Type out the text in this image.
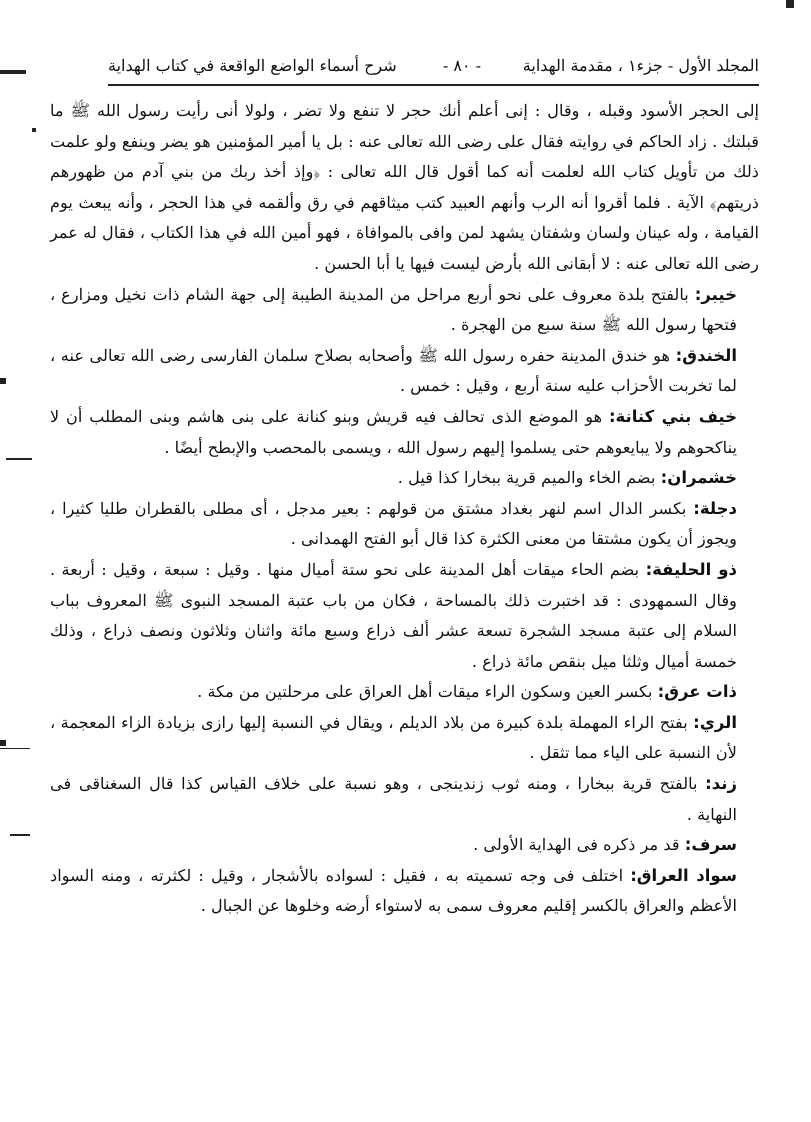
المجلد الأول - جزء١ ، مقدمة الهداية
- ٨٠ -
شرح أسماء الواضع الواقعة في كتاب الهداية

إلى الحجر الأسود وقبله ، وقال : إنى أعلم أنك حجر لا تنفع ولا تضر ، ولولا أنى رأيت رسول الله ﷺ ما قبلتك . زاد الحاكم في روايته فقال على رضى الله تعالى عنه : بل يا أمير المؤمنين هو يضر وينفع ولو علمت ذلك من تأويل كتاب الله لعلمت أنه كما أقول قال الله تعالى : ﴿وإذ أخذ ربك من بني آدم من ظهورهم ذريتهم﴾ الآية . فلما أقروا أنه الرب وأنهم العبيد كتب ميثاقهم في رق وألقمه في هذا الحجر ، وأنه يبعث يوم القيامة ، وله عينان ولسان وشفتان يشهد لمن وافى بالموافاة ، فهو أمين الله في هذا الكتاب ، فقال له عمر رضى الله تعالى عنه : لا أبقانى الله بأرض ليست فيها يا أبا الحسن .

خيبر: بالفتح بلدة معروف على نحو أربع مراحل من المدينة الطيبة إلى جهة الشام ذات نخيل ومزارع ، فتحها رسول الله ﷺ سنة سبع من الهجرة .

الخندق: هو خندق المدينة حفره رسول الله ﷺ وأصحابه بصلاح سلمان الفارسى رضى الله تعالى عنه ، لما تخربت الأحزاب عليه سنة أربع ، وقيل : خمس .

خيف بني كنانة: هو الموضع الذى تحالف فيه قريش وبنو كنانة على بنى هاشم وبنى المطلب أن لا يناكحوهم ولا يبايعوهم حتى يسلموا إليهم رسول الله ، ويسمى بالمحصب والإبطح أيضًا .

خشمران: بضم الخاء والميم قرية ببخارا كذا قيل .

دجلة: بكسر الدال اسم لنهر بغداد مشتق من قولهم : بعير مدجل ، أى مطلى بالقطران طليا كثيرا ، ويجوز أن يكون مشتقا من معنى الكثرة كذا قال أبو الفتح الهمدانى .

ذو الحليفة: بضم الحاء ميقات أهل المدينة على نحو ستة أميال منها . وقيل : سبعة ، وقيل : أربعة . وقال السمهودى : قد اختبرت ذلك بالمساحة ، فكان من باب عتبة المسجد النبوى ﷺ المعروف بباب السلام إلى عتبة مسجد الشجرة تسعة عشر ألف ذراع وسبع مائة واثنان وثلاثون ونصف ذراع ، وذلك خمسة أميال وثلثا ميل بنقص مائة ذراع .

ذات عرق: بكسر العين وسكون الراء ميقات أهل العراق على مرحلتين من مكة .

الري: بفتح الراء المهملة بلدة كبيرة من بلاد الديلم ، ويقال في النسبة إليها رازى بزيادة الزاء المعجمة ، لأن النسبة على الياء مما تثقل .

زند: بالفتح قرية ببخارا ، ومنه ثوب زندينجى ، وهو نسبة على خلاف القياس كذا قال السغناقى فى النهاية .

سرف: قد مر ذكره فى الهداية الأولى .

سواد العراق: اختلف فى وجه تسميته به ، فقيل : لسواده بالأشجار ، وقيل : لكثرته ، ومنه السواد الأعظم والعراق بالكسر إقليم معروف سمى به لاستواء أرضه وخلوها عن الجبال .
